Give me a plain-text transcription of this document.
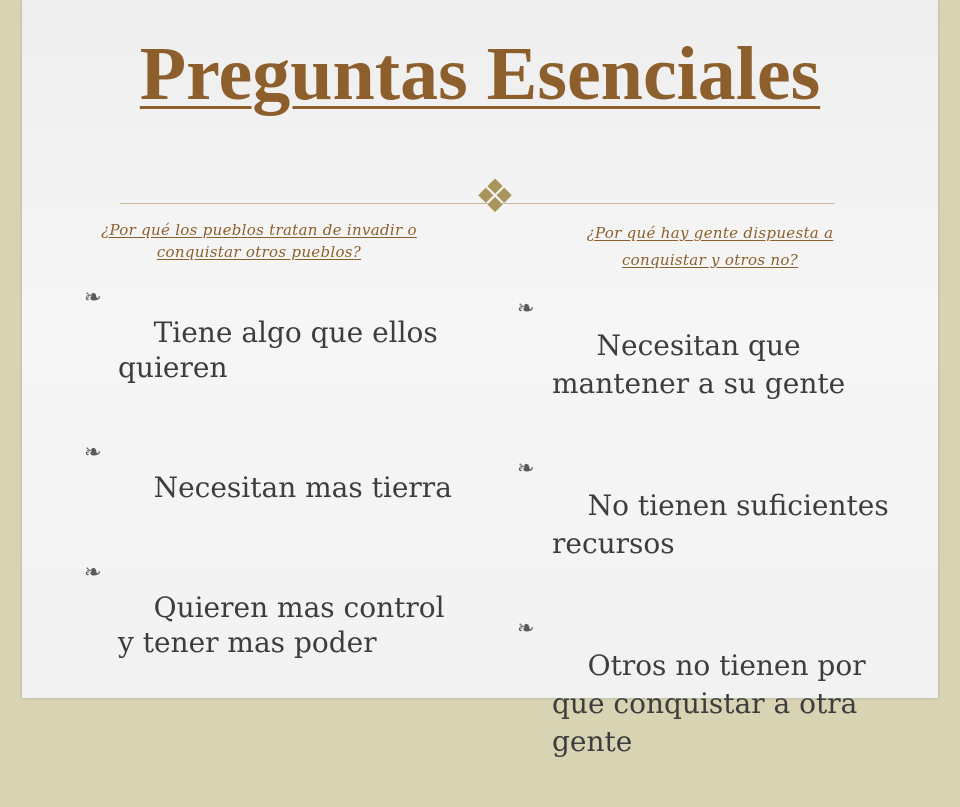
Preguntas Esenciales
❖
¿Por qué los pueblos tratan de invadir o conquistar otros pueblos?
¿Por qué hay gente dispuesta a conquistar y otros no?

❧
Tiene algo que ellos quieren

❧
Necesitan mas tierra

❧
Quieren mas control y tener mas poder

❧
Necesitan que mantener a su gente

❧
No tienen suficientes recursos

❧
Otros no tienen por que conquistar a otra gente
